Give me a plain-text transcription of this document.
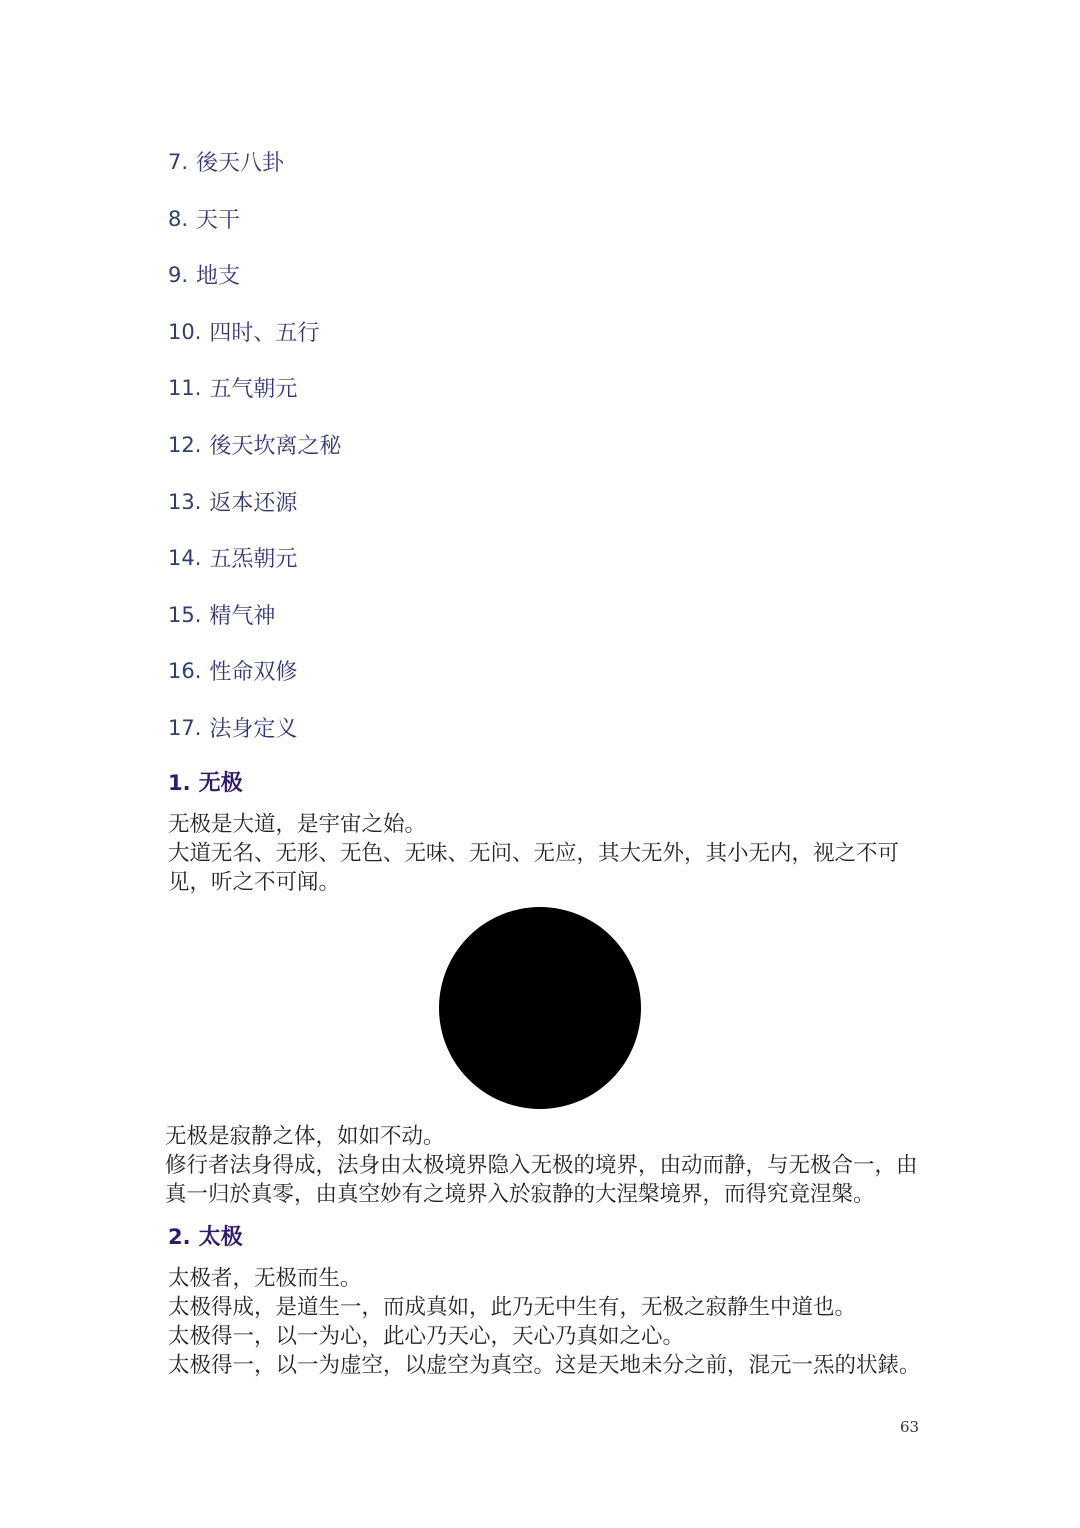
7. 後天八卦
8. 天干
9. 地支
10. 四时、五行
11. 五气朝元
12. 後天坎离之秘
13. 返本还源
14. 五炁朝元
15. 精气神
16. 性命双修
17. 法身定义
1. 无极

无极是大道，是宇宙之始。

大道无名、无形、无色、无味、无问、无应，其大无外，其小无内，视之不可

见，听之不可闻。

无极是寂静之体，如如不动。

修行者法身得成，法身由太极境界隐入无极的境界，由动而静，与无极合一，由

真一归於真零，由真空妙有之境界入於寂静的大涅槃境界，而得究竟涅槃。

2. 太极

太极者，无极而生。

太极得成，是道生一，而成真如，此乃无中生有，无极之寂静生中道也。

太极得一，以一为心，此心乃天心，天心乃真如之心。

太极得一，以一为虚空，以虚空为真空。这是天地未分之前，混元一炁的状錶。

63
